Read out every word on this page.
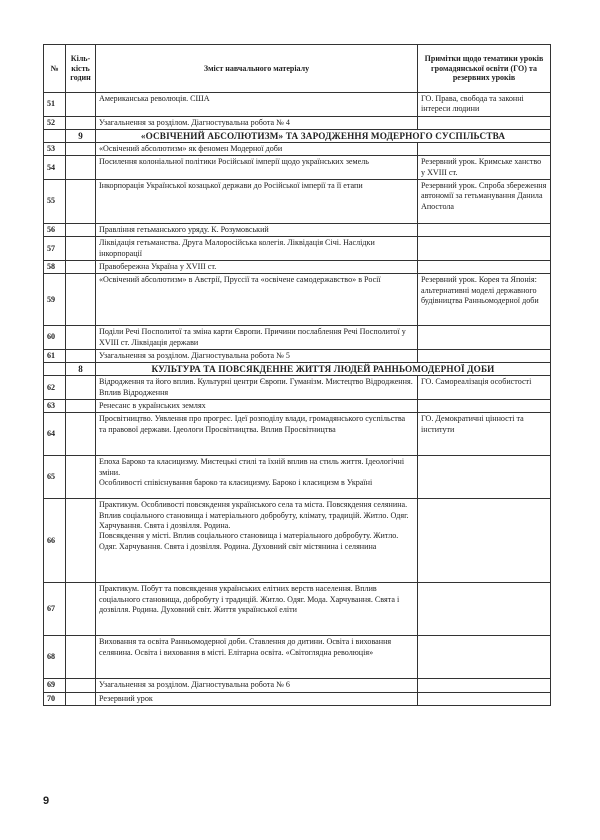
№	Кіль-кість годин	Зміст навчального матеріалу	Примітки щодо тематики уроків громадянської освіти (ГО) та резервних уроків
51		Американська революція. США	ГО. Права, свобода та законні інтереси людини
52		Узагальнення за розділом. Діагностувальна робота № 4	
	9	«ОСВІЧЕНИЙ АБСОЛЮТИЗМ» ТА ЗАРОДЖЕННЯ МОДЕРНОГО СУСПІЛЬСТВА	
53		«Освічений абсолютизм» як феномен Модерної доби	
54		Посилення колоніальної політики Російської імперії щодо українських земель	Резервний урок. Кримське ханство у XVIII ст.
55		Інкорпорація Української козацької держави до Російської імперії та її етапи	Резервний урок. Спроба збереження автономії за гетьманування Данила Апостола
56		Правління гетьманського уряду. К. Розумовський	
57		Ліквідація гетьманства. Друга Малоросійська колегія. Ліквідація Січі. Наслідки інкорпорації	
58		Правобережна Україна у XVIII ст.	
59		«Освічений абсолютизм» в Австрії, Пруссії та «освічене самодержавство» в Росії	Резервний урок. Корея та Японія: альтернативні моделі державного будівництва Ранньомодерної доби
60		Поділи Речі Посполитої та зміна карти Європи. Причини послаблення Речі Посполитої у XVIII ст. Ліквідація держави	
61		Узагальнення за розділом. Діагностувальна робота № 5	
	8	КУЛЬТУРА ТА ПОВСЯКДЕННЕ ЖИТТЯ ЛЮДЕЙ РАННЬОМОДЕРНОЇ ДОБИ	
62		Відродження та його вплив. Культурні центри Європи. Гуманізм. Мистецтво Відродження. Вплив Відродження	ГО. Самореалізація особистості
63		Ренесанс в українських землях	
64		Просвітництво. Уявлення про прогрес. Ідеї розподілу влади, громадянського суспільства та правової держави. Ідеологи Просвітництва. Вплив Просвітництва	ГО. Демократичні цінності та інститути
65		Епоха Бароко та класицизму. Мистецькі стилі та їхній вплив на стиль життя. Ідеологічні зміни.
Особливості співіснування бароко та класицизму. Бароко і класицизм в Україні	

66		Практикум. Особливості повсякдення українського села та міста. Повсякдення селянина. Вплив соціального становища і матеріального добробуту, клімату, традицій. Житло. Одяг. Харчування. Свята і дозвілля. Родина.
Повсякдення у місті. Вплив соціального становища і матеріального добробуту. Житло. Одяг. Харчування. Свята і дозвілля. Родина. Духовний світ містянина і селянина	

67		Практикум. Побут та повсякдення українських елітних верств населення. Вплив соціального становища, добробуту і традицій. Житло. Одяг. Мода. Харчування. Свята і дозвілля. Родина. Духовний світ. Життя української еліти	
68		Виховання та освіта Ранньомодерної доби. Ставлення до дитини. Освіта і виховання селянина. Освіта і виховання в місті. Елітарна освіта. «Світоглядна революція»	
69		Узагальнення за розділом. Діагностувальна робота № 6	
70		Резервний урок	
9
